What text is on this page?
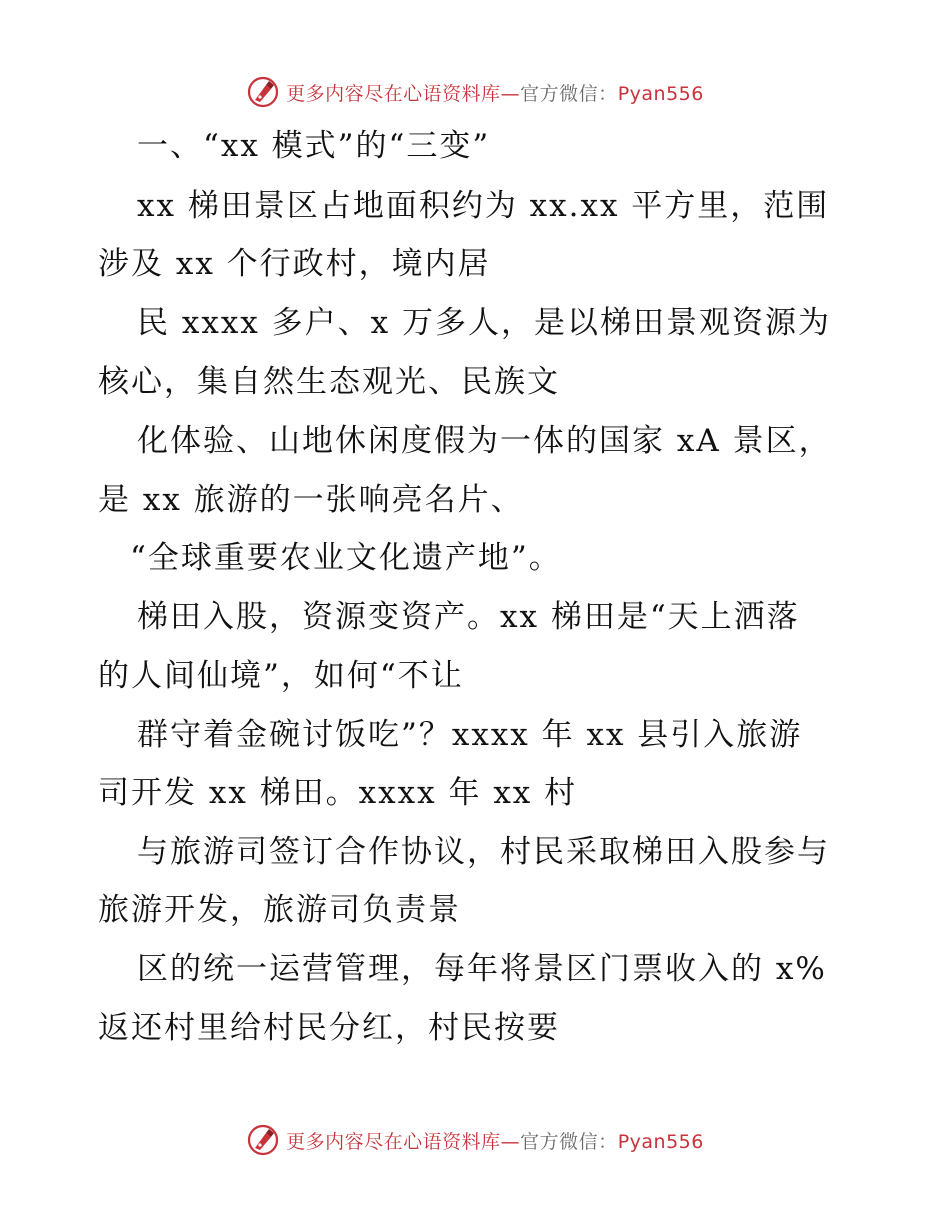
更多内容尽在心语资料库—官方微信：Pyan556
一、“xx 模式”的“三变”
xx 梯田景区占地面积约为 xx.xx 平方里，范围
涉及 xx 个行政村，境内居
民 xxxx 多户、x 万多人，是以梯田景观资源为
核心，集自然生态观光、民族文
化体验、山地休闲度假为一体的国家 xA 景区，
是 xx 旅游的一张响亮名片、
“全球重要农业文化遗产地”。
梯田入股，资源变资产。xx 梯田是“天上洒落
的人间仙境”，如何“不让
群守着金碗讨饭吃”？xxxx 年 xx 县引入旅游
司开发 xx 梯田。xxxx 年 xx 村
与旅游司签订合作协议，村民采取梯田入股参与
旅游开发，旅游司负责景
区的统一运营管理，每年将景区门票收入的 x%
返还村里给村民分红，村民按要
更多内容尽在心语资料库—官方微信：Pyan556
